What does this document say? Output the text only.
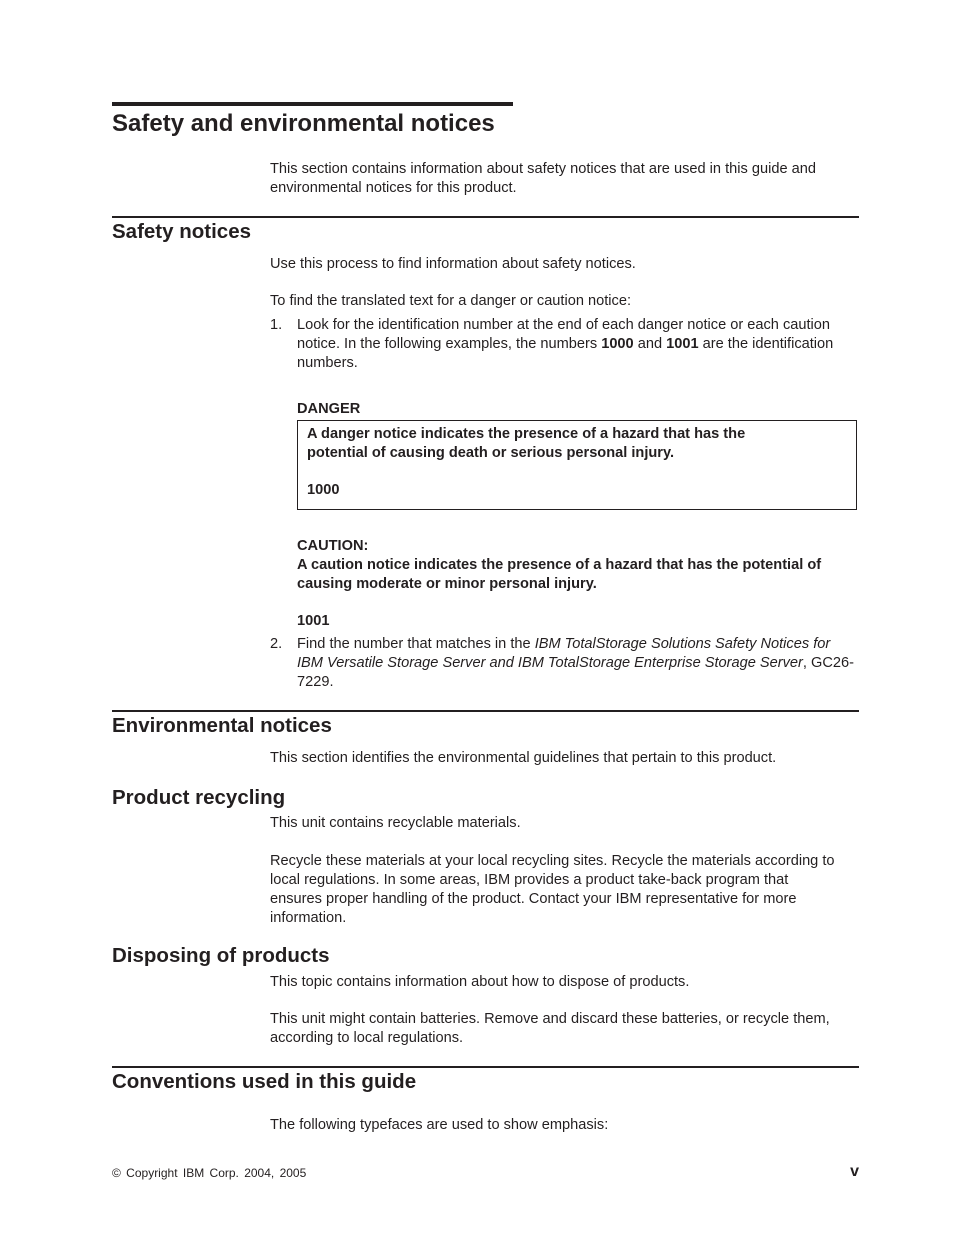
Safety and environmental notices

This section contains information about safety notices that are used in this guide and environmental notices for this product.

Safety notices

Use this process to find information about safety notices.

To find the translated text for a danger or caution notice:

1. Look for the identification number at the end of each danger notice or each caution notice. In the following examples, the numbers 1000 and 1001 are the identification numbers.

DANGER

A danger notice indicates the presence of a hazard that has the potential of causing death or serious personal injury.

1000
CAUTION:

A caution notice indicates the presence of a hazard that has the potential of causing moderate or minor personal injury.

1001
2. Find the number that matches in the IBM TotalStorage Solutions Safety Notices for IBM Versatile Storage Server and IBM TotalStorage Enterprise Storage Server, GC26-7229.

Environmental notices

This section identifies the environmental guidelines that pertain to this product.

Product recycling

This unit contains recyclable materials.

Recycle these materials at your local recycling sites. Recycle the materials according to local regulations. In some areas, IBM provides a product take-back program that ensures proper handling of the product. Contact your IBM representative for more information.

Disposing of products

This topic contains information about how to dispose of products.

This unit might contain batteries. Remove and discard these batteries, or recycle them, according to local regulations.

Conventions used in this guide

The following typefaces are used to show emphasis:

© Copyright IBM Corp. 2004, 2005	v
